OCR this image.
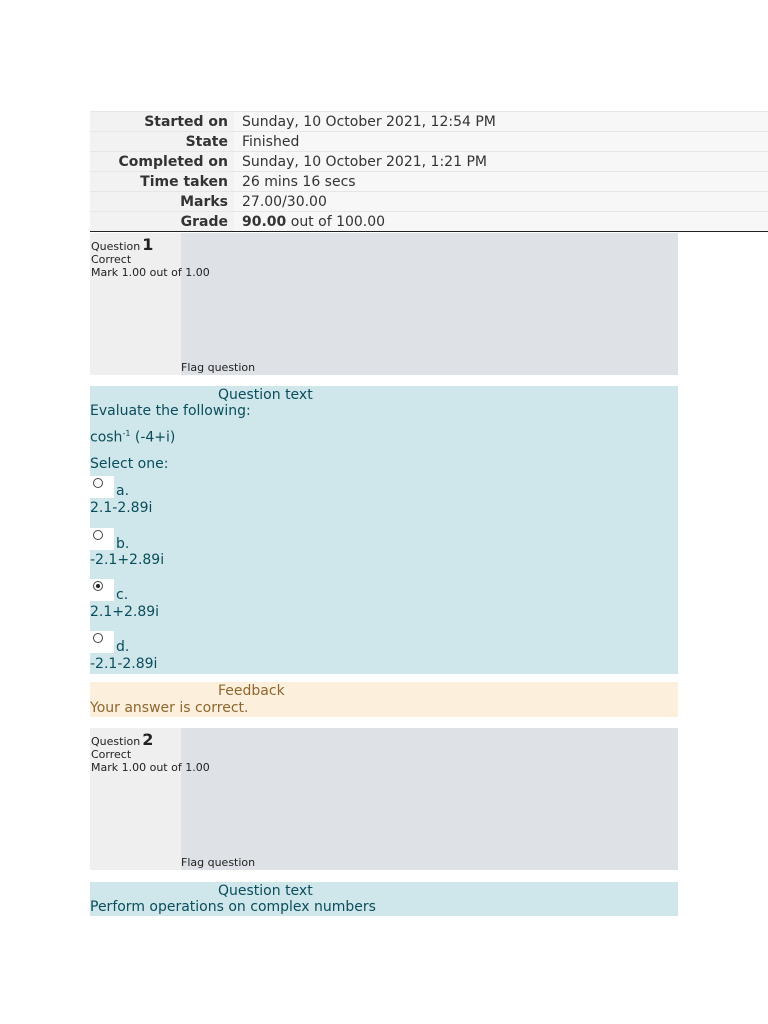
Started on	Sunday, 10 October 2021, 12:54 PM
State	Finished
Completed on	Sunday, 10 October 2021, 1:21 PM
Time taken	26 mins 16 secs
Marks	27.00/30.00
Grade	90.00 out of 100.00
Question 1
Correct
Mark 1.00 out of 1.00
Flag question
Question text
Evaluate the following:
$\cosh^{-1} (-4+i)$
Select one:
a.
2.1-2.89i
b.
-2.1+2.89i
c.
2.1+2.89i
d.
-2.1-2.89i
Feedback
Your answer is correct.
Question 2
Correct
Mark 1.00 out of 1.00
Flag question
Question text
Perform operations on complex numbers
